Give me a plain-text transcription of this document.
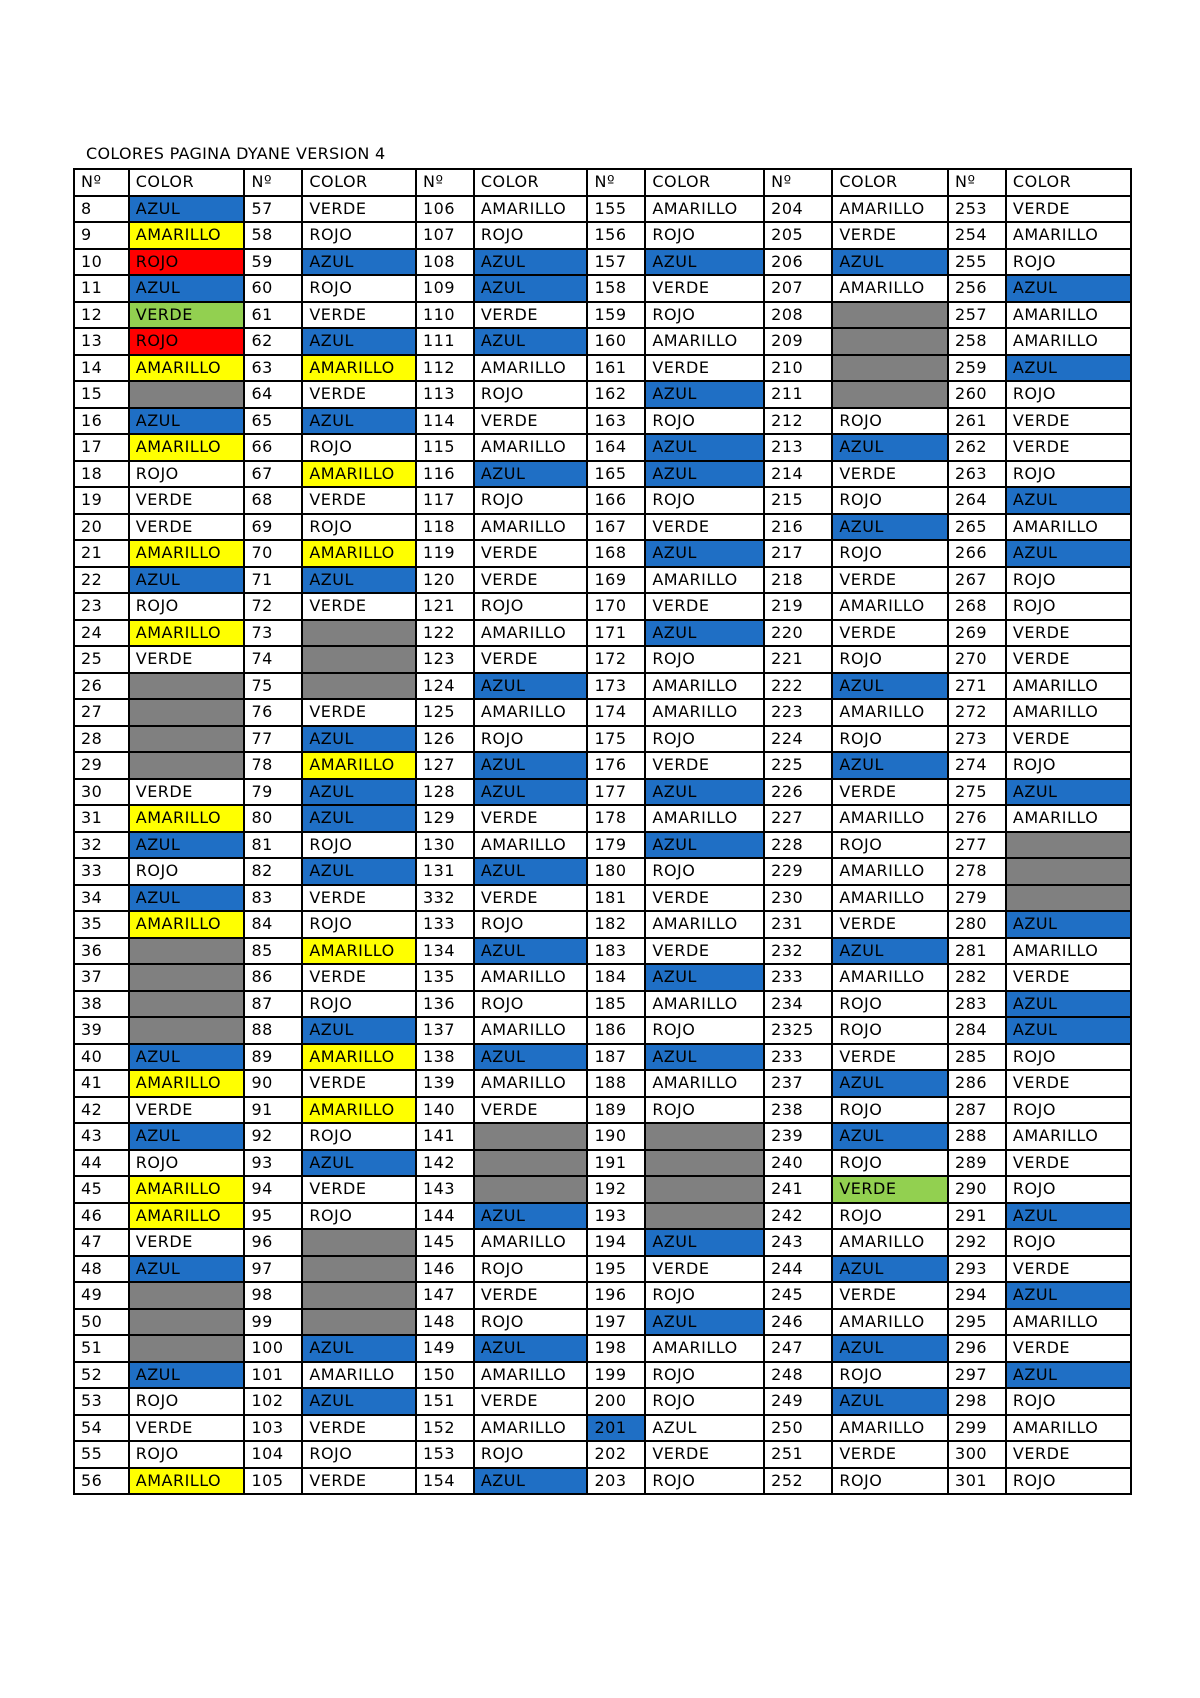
COLORES PAGINA DYANE VERSION 4
Nº	COLOR	Nº	COLOR	Nº	COLOR	Nº	COLOR	Nº	COLOR	Nº	COLOR
8	AZUL	57	VERDE	106	AMARILLO	155	AMARILLO	204	AMARILLO	253	VERDE
9	AMARILLO	58	ROJO	107	ROJO	156	ROJO	205	VERDE	254	AMARILLO
10	ROJO	59	AZUL	108	AZUL	157	AZUL	206	AZUL	255	ROJO
11	AZUL	60	ROJO	109	AZUL	158	VERDE	207	AMARILLO	256	AZUL
12	VERDE	61	VERDE	110	VERDE	159	ROJO	208		257	AMARILLO
13	ROJO	62	AZUL	111	AZUL	160	AMARILLO	209		258	AMARILLO
14	AMARILLO	63	AMARILLO	112	AMARILLO	161	VERDE	210		259	AZUL
15		64	VERDE	113	ROJO	162	AZUL	211		260	ROJO
16	AZUL	65	AZUL	114	VERDE	163	ROJO	212	ROJO	261	VERDE
17	AMARILLO	66	ROJO	115	AMARILLO	164	AZUL	213	AZUL	262	VERDE
18	ROJO	67	AMARILLO	116	AZUL	165	AZUL	214	VERDE	263	ROJO
19	VERDE	68	VERDE	117	ROJO	166	ROJO	215	ROJO	264	AZUL
20	VERDE	69	ROJO	118	AMARILLO	167	VERDE	216	AZUL	265	AMARILLO
21	AMARILLO	70	AMARILLO	119	VERDE	168	AZUL	217	ROJO	266	AZUL
22	AZUL	71	AZUL	120	VERDE	169	AMARILLO	218	VERDE	267	ROJO
23	ROJO	72	VERDE	121	ROJO	170	VERDE	219	AMARILLO	268	ROJO
24	AMARILLO	73		122	AMARILLO	171	AZUL	220	VERDE	269	VERDE
25	VERDE	74		123	VERDE	172	ROJO	221	ROJO	270	VERDE
26		75		124	AZUL	173	AMARILLO	222	AZUL	271	AMARILLO
27		76	VERDE	125	AMARILLO	174	AMARILLO	223	AMARILLO	272	AMARILLO
28		77	AZUL	126	ROJO	175	ROJO	224	ROJO	273	VERDE
29		78	AMARILLO	127	AZUL	176	VERDE	225	AZUL	274	ROJO
30	VERDE	79	AZUL	128	AZUL	177	AZUL	226	VERDE	275	AZUL
31	AMARILLO	80	AZUL	129	VERDE	178	AMARILLO	227	AMARILLO	276	AMARILLO
32	AZUL	81	ROJO	130	AMARILLO	179	AZUL	228	ROJO	277	
33	ROJO	82	AZUL	131	AZUL	180	ROJO	229	AMARILLO	278	
34	AZUL	83	VERDE	332	VERDE	181	VERDE	230	AMARILLO	279	
35	AMARILLO	84	ROJO	133	ROJO	182	AMARILLO	231	VERDE	280	AZUL
36		85	AMARILLO	134	AZUL	183	VERDE	232	AZUL	281	AMARILLO
37		86	VERDE	135	AMARILLO	184	AZUL	233	AMARILLO	282	VERDE
38		87	ROJO	136	ROJO	185	AMARILLO	234	ROJO	283	AZUL
39		88	AZUL	137	AMARILLO	186	ROJO	2325	ROJO	284	AZUL
40	AZUL	89	AMARILLO	138	AZUL	187	AZUL	233	VERDE	285	ROJO
41	AMARILLO	90	VERDE	139	AMARILLO	188	AMARILLO	237	AZUL	286	VERDE
42	VERDE	91	AMARILLO	140	VERDE	189	ROJO	238	ROJO	287	ROJO
43	AZUL	92	ROJO	141		190		239	AZUL	288	AMARILLO
44	ROJO	93	AZUL	142		191		240	ROJO	289	VERDE
45	AMARILLO	94	VERDE	143		192		241	VERDE	290	ROJO
46	AMARILLO	95	ROJO	144	AZUL	193		242	ROJO	291	AZUL
47	VERDE	96		145	AMARILLO	194	AZUL	243	AMARILLO	292	ROJO
48	AZUL	97		146	ROJO	195	VERDE	244	AZUL	293	VERDE
49		98		147	VERDE	196	ROJO	245	VERDE	294	AZUL
50		99		148	ROJO	197	AZUL	246	AMARILLO	295	AMARILLO
51		100	AZUL	149	AZUL	198	AMARILLO	247	AZUL	296	VERDE
52	AZUL	101	AMARILLO	150	AMARILLO	199	ROJO	248	ROJO	297	AZUL
53	ROJO	102	AZUL	151	VERDE	200	ROJO	249	AZUL	298	ROJO
54	VERDE	103	VERDE	152	AMARILLO	201	AZUL	250	AMARILLO	299	AMARILLO
55	ROJO	104	ROJO	153	ROJO	202	VERDE	251	VERDE	300	VERDE
56	AMARILLO	105	VERDE	154	AZUL	203	ROJO	252	ROJO	301	ROJO
